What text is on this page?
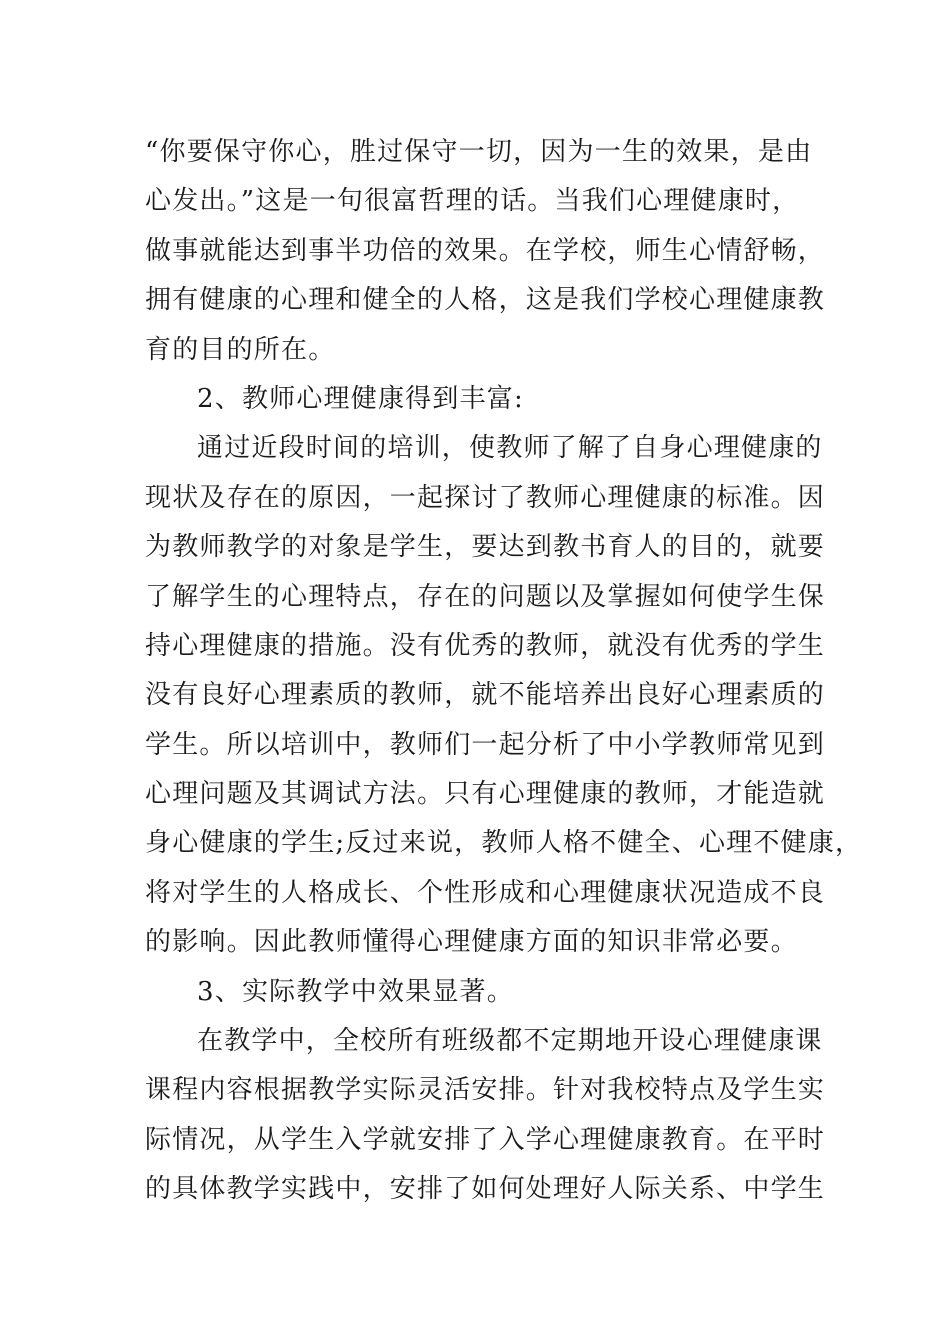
“你要保守你心，胜过保守一切，因为一生的效果，是由
心发出。”这是一句很富哲理的话。当我们心理健康时，
做事就能达到事半功倍的效果。在学校，师生心情舒畅，
拥有健康的心理和健全的人格，这是我们学校心理健康教
育的目的所在。
2、教师心理健康得到丰富:
通过近段时间的培训，使教师了解了自身心理健康的
现状及存在的原因，一起探讨了教师心理健康的标准。因
为教师教学的对象是学生，要达到教书育人的目的，就要
了解学生的心理特点，存在的问题以及掌握如何使学生保
持心理健康的措施。没有优秀的教师，就没有优秀的学生
没有良好心理素质的教师，就不能培养出良好心理素质的
学生。所以培训中，教师们一起分析了中小学教师常见到
心理问题及其调试方法。只有心理健康的教师，才能造就
身心健康的学生;反过来说，教师人格不健全、心理不健康，
将对学生的人格成长、个性形成和心理健康状况造成不良
的影响。因此教师懂得心理健康方面的知识非常必要。
3、实际教学中效果显著。
在教学中，全校所有班级都不定期地开设心理健康课
课程内容根据教学实际灵活安排。针对我校特点及学生实
际情况，从学生入学就安排了入学心理健康教育。在平时
的具体教学实践中，安排了如何处理好人际关系、中学生
